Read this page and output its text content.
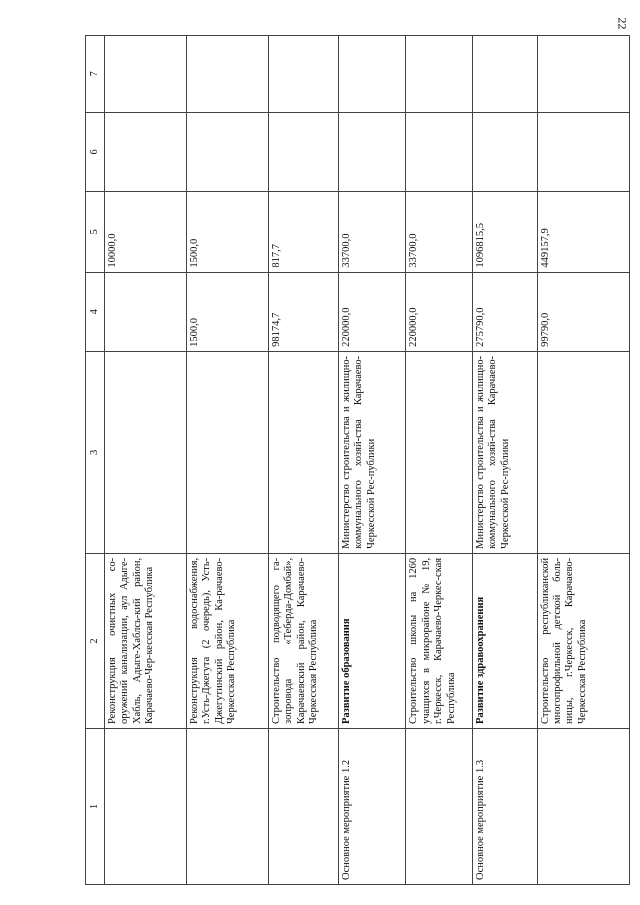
22
1	2	3	4	5	6	7
	Реконструкция очистных со-оружений канализации, аул Адыге-Хабль, Адыге-Хаблсь-кий район, Карачаево-Чер-кесская Республика			10000,0		
	Реконструкция водоснабжения, г.Усть-Джегута (2 очередь), Усть-Джегутинский район, Ка-рачаево-Черкесская Республика		1500,0	1500,0		
	Строительство подводящего га-зопровода «Теберда-Домбай», Карачаевский район, Карачаево-Черкесская Республика		98174,7	817,7		
Основное мероприятие 1.2	Развитие образования	Министерство строительства и жилищно-коммунального хозяй-ства Карачаево-Черкесской Рес-публики	220000,0	33700,0		
	Строительство школы на 1260 учащихся в микрорайоне № 19, г.Черкесск, Карачаево-Черкес-ская Республика		220000,0	33700,0		
Основное мероприятие 1.3	Развитие здравоохранения	Министерство строительства и жилищно-коммунального хозяй-ства Карачаево-Черкесской Рес-публики	275790,0	1096815,5		
	Строительство республиканской многопрофильной детской боль-ницы, г.Черкесск, Карачаево-Черкесская Республика		99790,0	449157,9		
